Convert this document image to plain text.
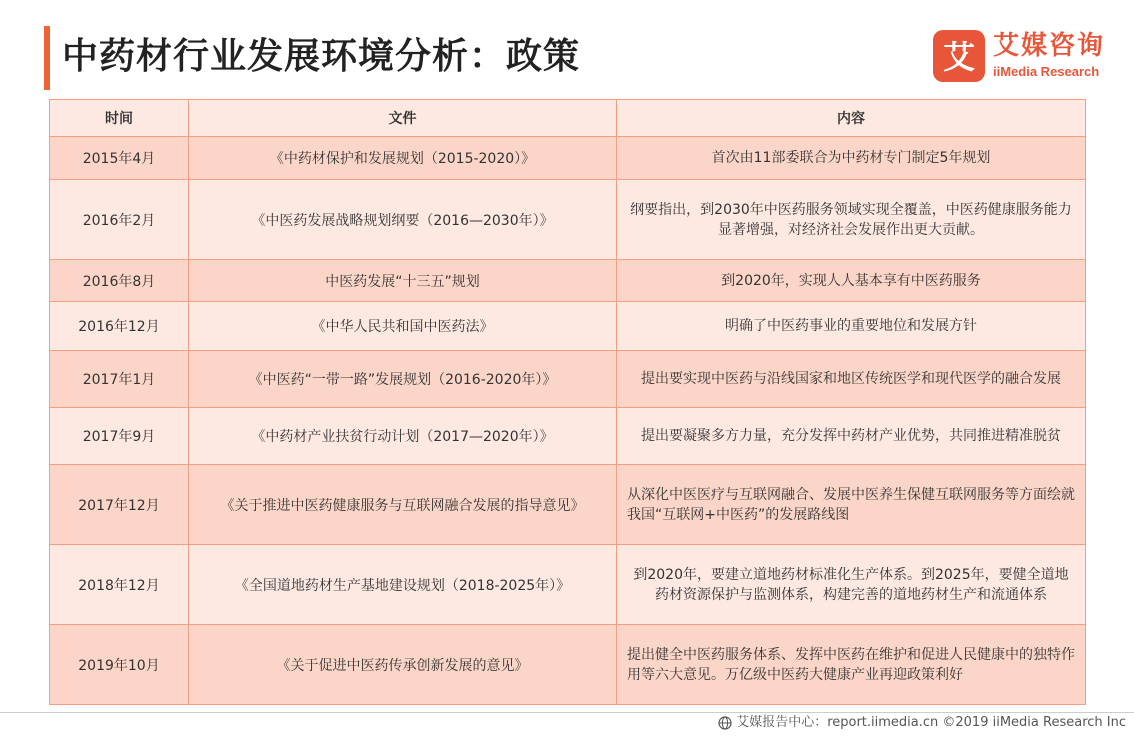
中药材行业发展环境分析：政策	艾 艾媒咨询
iiMedia Research
时间	文件	内容
2015年4月	《中药材保护和发展规划（2015-2020）》	首次由11部委联合为中药材专门制定5年规划
2016年2月	《中医药发展战略规划纲要（2016—2030年）》	纲要指出，到2030年中医药服务领域实现全覆盖，中医药健康服务能力显著增强，对经济社会发展作出更大贡献。
2016年8月	中医药发展“十三五”规划	到2020年，实现人人基本享有中医药服务
2016年12月	《中华人民共和国中医药法》	明确了中医药事业的重要地位和发展方针
2017年1月	《中医药“一带一路”发展规划（2016-2020年）》	提出要实现中医药与沿线国家和地区传统医学和现代医学的融合发展
2017年9月	《中药材产业扶贫行动计划（2017—2020年）》	提出要凝聚多方力量，充分发挥中药材产业优势，共同推进精准脱贫
2017年12月	《关于推进中医药健康服务与互联网融合发展的指导意见》	从深化中医医疗与互联网融合、发展中医养生保健互联网服务等方面绘就我国“互联网+中医药”的发展路线图
2018年12月	《全国道地药材生产基地建设规划（2018-2025年）》	到2020年，要建立道地药材标准化生产体系。到2025年，要健全道地药材资源保护与监测体系，构建完善的道地药材生产和流通体系
2019年10月	《关于促进中医药传承创新发展的意见》	提出健全中医药服务体系、发挥中医药在维护和促进人民健康中的独特作用等六大意见。万亿级中医药大健康产业再迎政策利好
艾媒报告中心：report.iimedia.cn ©2019 iiMedia Research Inc
